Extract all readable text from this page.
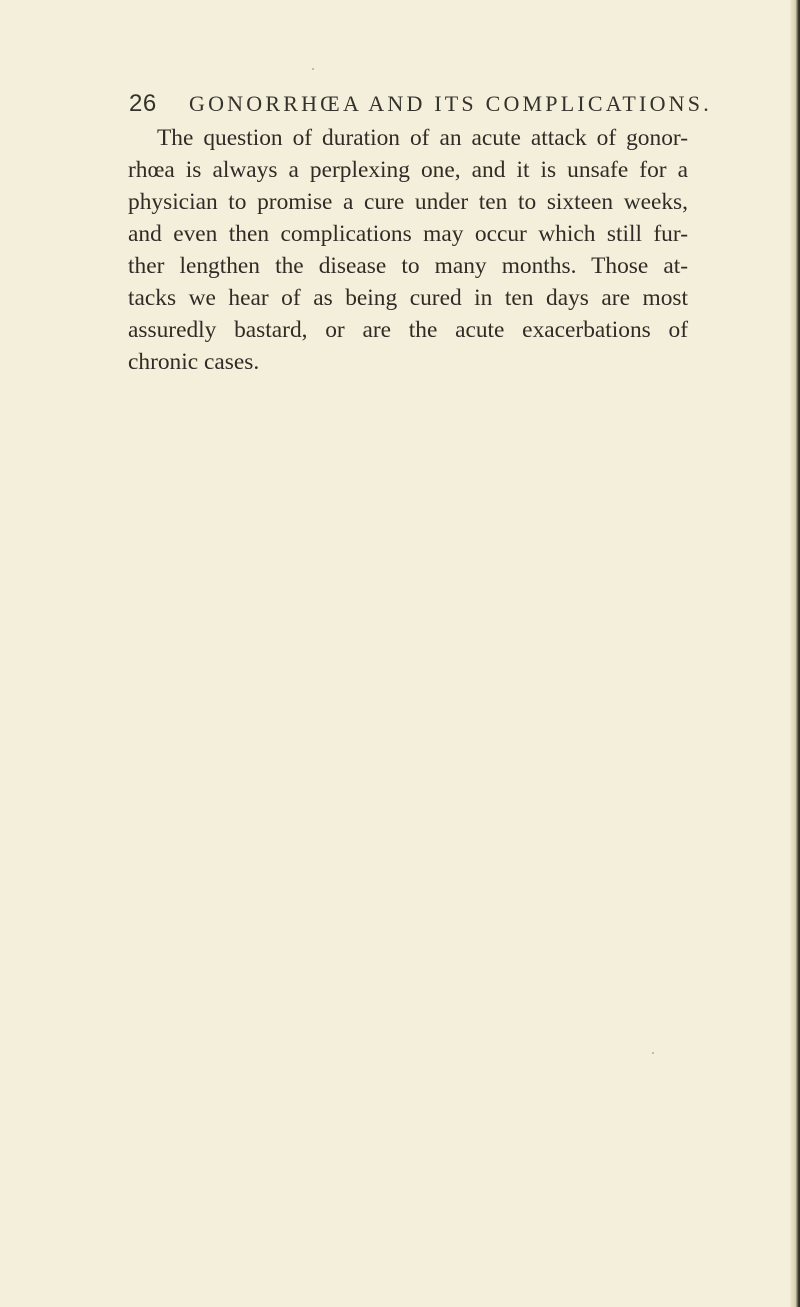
26 GONORRHŒA AND ITS COMPLICATIONS.
The question of duration of an acute attack of gonor-
rhœa is always a perplexing one, and it is unsafe for a
physician to promise a cure under ten to sixteen weeks,
and even then complications may occur which still fur-
ther lengthen the disease to many months. Those at-
tacks we hear of as being cured in ten days are most
assuredly bastard, or are the acute exacerbations of
chronic cases.
